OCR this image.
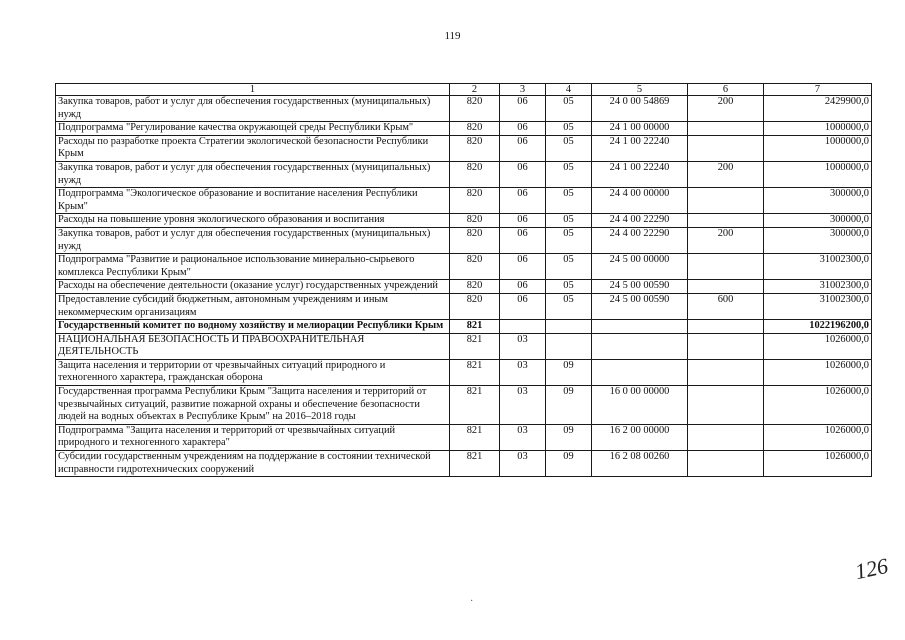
119
1	2	3	4	5	6	7
Закупка товаров, работ и услуг для обеспечения государственных (муниципальных) нужд	820	06	05	24 0 00 54869	200	2429900,0
Подпрограмма "Регулирование качества окружающей среды Республики Крым"	820	06	05	24 1 00 00000		1000000,0
Расходы по разработке проекта Стратегии экологической безопасности Республики Крым	820	06	05	24 1 00 22240		1000000,0
Закупка товаров, работ и услуг для обеспечения государственных (муниципальных) нужд	820	06	05	24 1 00 22240	200	1000000,0
Подпрограмма "Экологическое образование и воспитание населения Республики Крым"	820	06	05	24 4 00 00000		300000,0
Расходы на повышение уровня экологического образования и воспитания	820	06	05	24 4 00 22290		300000,0
Закупка товаров, работ и услуг для обеспечения государственных (муниципальных) нужд	820	06	05	24 4 00 22290	200	300000,0
Подпрограмма "Развитие и рациональное использование минерально-сырьевого комплекса Республики Крым"	820	06	05	24 5 00 00000		31002300,0
Расходы на обеспечение деятельности (оказание услуг) государственных учреждений	820	06	05	24 5 00 00590		31002300,0
Предоставление субсидий бюджетным, автономным учреждениям и иным некоммерческим организациям	820	06	05	24 5 00 00590	600	31002300,0
Государственный комитет по водному хозяйству и мелиорации Республики Крым	821					1022196200,0
НАЦИОНАЛЬНАЯ БЕЗОПАСНОСТЬ И ПРАВООХРАНИТЕЛЬНАЯ ДЕЯТЕЛЬНОСТЬ	821	03				1026000,0
Защита населения и территории от чрезвычайных ситуаций природного и техногенного характера, гражданская оборона	821	03	09			1026000,0
Государственная программа Республики Крым "Защита населения и территорий от чрезвычайных ситуаций, развитие пожарной охраны и обеспечение безопасности людей на водных объектах в Республике Крым" на 2016–2018 годы	821	03	09	16 0 00 00000		1026000,0
Подпрограмма "Защита населения и территорий от чрезвычайных ситуаций природного и техногенного характера"	821	03	09	16 2 00 00000		1026000,0
Субсидии государственным учреждениям на поддержание в состоянии технической исправности гидротехнических сооружений	821	03	09	16 2 08 00260		1026000,0
126
·
